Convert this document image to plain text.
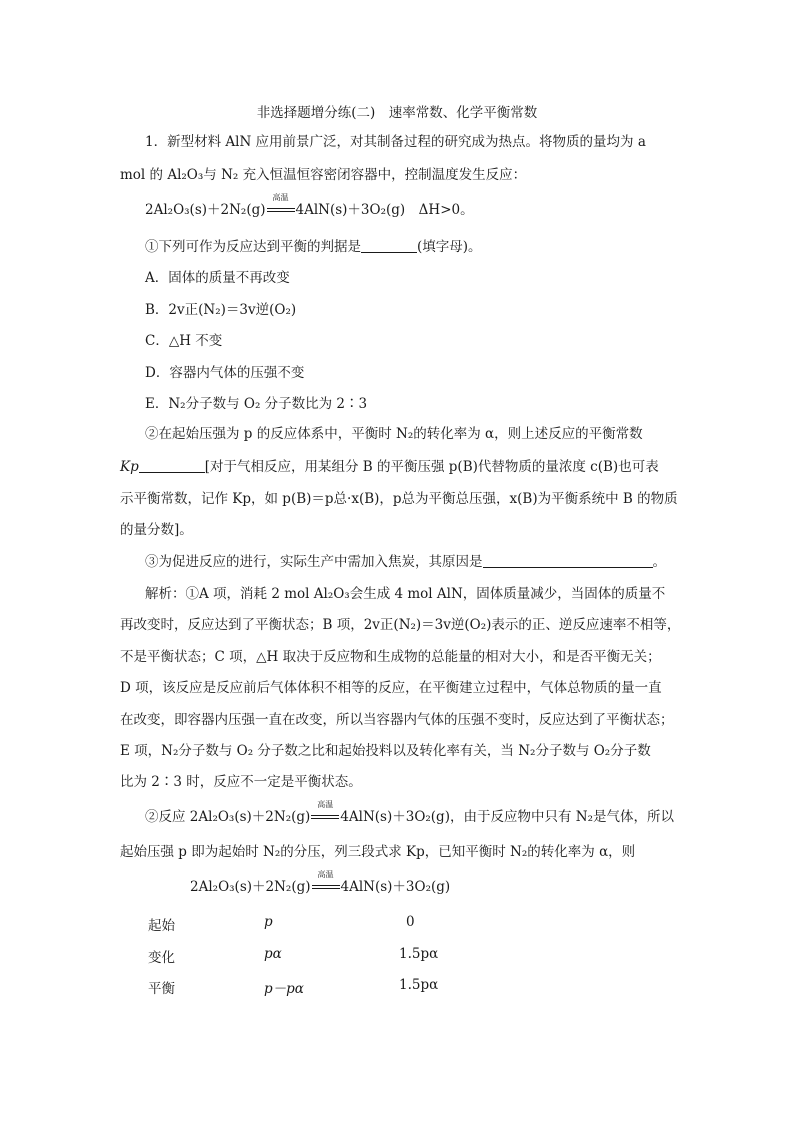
非选择题增分练(二)　速率常数、化学平衡常数
1．新型材料 AlN 应用前景广泛，对其制备过程的研究成为热点。将物质的量均为 a
mol 的 Al₂O₃与 N₂ 充入恒温恒容密闭容器中，控制温度发生反应：
2Al₂O₃(s)＋2N₂(g)
高温
4AlN(s)＋3O₂(g)　ΔH>0。
①下列可作为反应达到平衡的判据是	(填字母)。
A．固体的质量不再改变
B．2v正(N₂)＝3v逆(O₂)
C．△H 不变
D．容器内气体的压强不变
E．N₂分子数与 O₂ 分子数比为 2∶3
②在起始压强为 p 的反应体系中，平衡时 N₂的转化率为 α，则上述反应的平衡常数
Kp	[对于气相反应，用某组分 B 的平衡压强 p(B)代替物质的量浓度 c(B)也可表
示平衡常数，记作 Kp，如 p(B)＝p总·x(B)，p总为平衡总压强，x(B)为平衡系统中 B 的物质
的量分数]。
③为促进反应的进行，实际生产中需加入焦炭，其原因是	。
解析：①A 项，消耗 2 mol Al₂O₃会生成 4 mol AlN，固体质量减少，当固体的质量不
再改变时，反应达到了平衡状态；B 项，2v正(N₂)＝3v逆(O₂)表示的正、逆反应速率不相等，
不是平衡状态；C 项，△H 取决于反应物和生成物的总能量的相对大小，和是否平衡无关；
D 项，该反应是反应前后气体体积不相等的反应，在平衡建立过程中，气体总物质的量一直
在改变，即容器内压强一直在改变，所以当容器内气体的压强不变时，反应达到了平衡状态；
E 项，N₂分子数与 O₂ 分子数之比和起始投料以及转化率有关，当 N₂分子数与 O₂分子数
比为 2∶3 时，反应不一定是平衡状态。
②反应 2Al₂O₃(s)＋2N₂(g)
高温
4AlN(s)＋3O₂(g)，由于反应物中只有 N₂是气体，所以
起始压强 p 即为起始时 N₂的分压，列三段式求 Kp，已知平衡时 N₂的转化率为 α，则
2Al₂O₃(s)＋2N₂(g)
高温
4AlN(s)＋3O₂(g)
起始	p	0
变化	pα	1.5pα
平衡	p－pα	1.5pα
